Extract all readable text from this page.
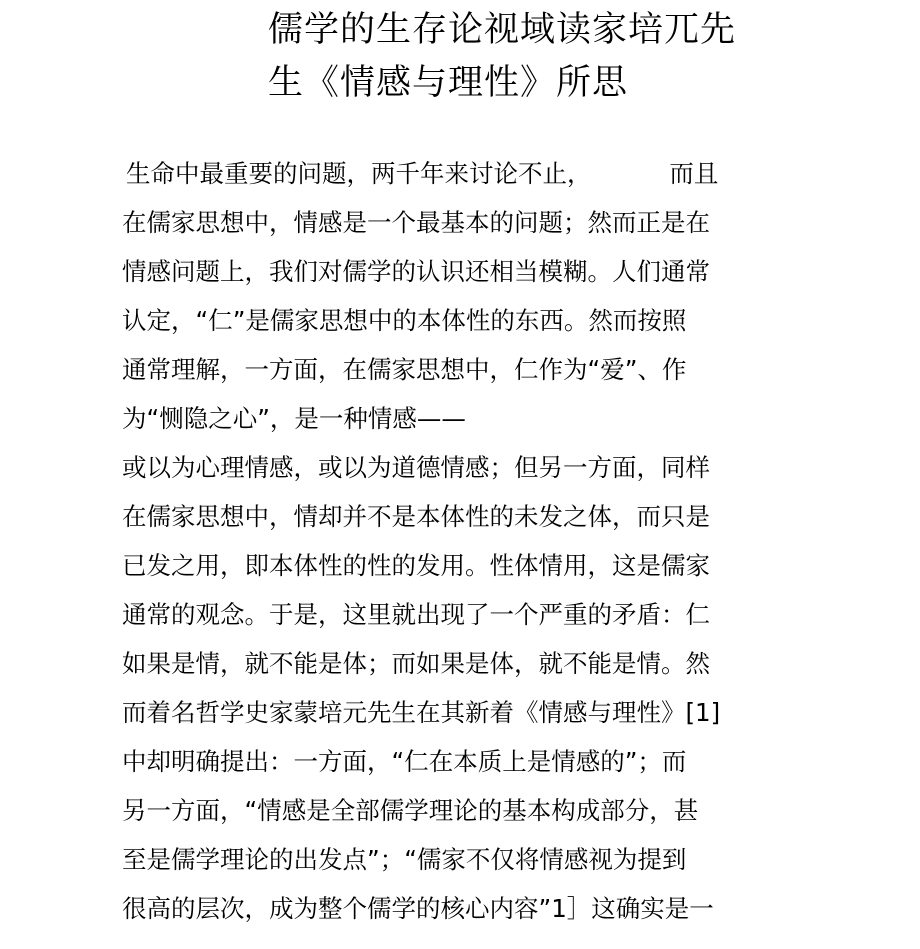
儒学的生存论视域读家培兀先
生《情感与理性》所思
生命中最重要的问题，两千年来讨论不止，          而且
在儒家思想中，情感是一个最基本的问题；然而正是在
情感问题上，我们对儒学的认识还相当模糊。人们通常
认定，“仁”是儒家思想中的本体性的东西。然而按照
通常理解，一方面，在儒家思想中，仁作为“爱”、作
为“恻隐之心”，是一种情感——
或以为心理情感，或以为道德情感；但另一方面，同样
在儒家思想中，情却并不是本体性的未发之体，而只是
已发之用，即本体性的性的发用。性体情用，这是儒家
通常的观念。于是，这里就出现了一个严重的矛盾：仁
如果是情，就不能是体；而如果是体，就不能是情。然
而着名哲学史家蒙培元先生在其新着《情感与理性》[1]
中却明确提出：一方面，“仁在本质上是情感的”；而
另一方面，“情感是全部儒学理论的基本构成部分，甚
至是儒学理论的出发点”；“儒家不仅将情感视为提到
很高的层次，成为整个儒学的核心内容”1］这确实是一
